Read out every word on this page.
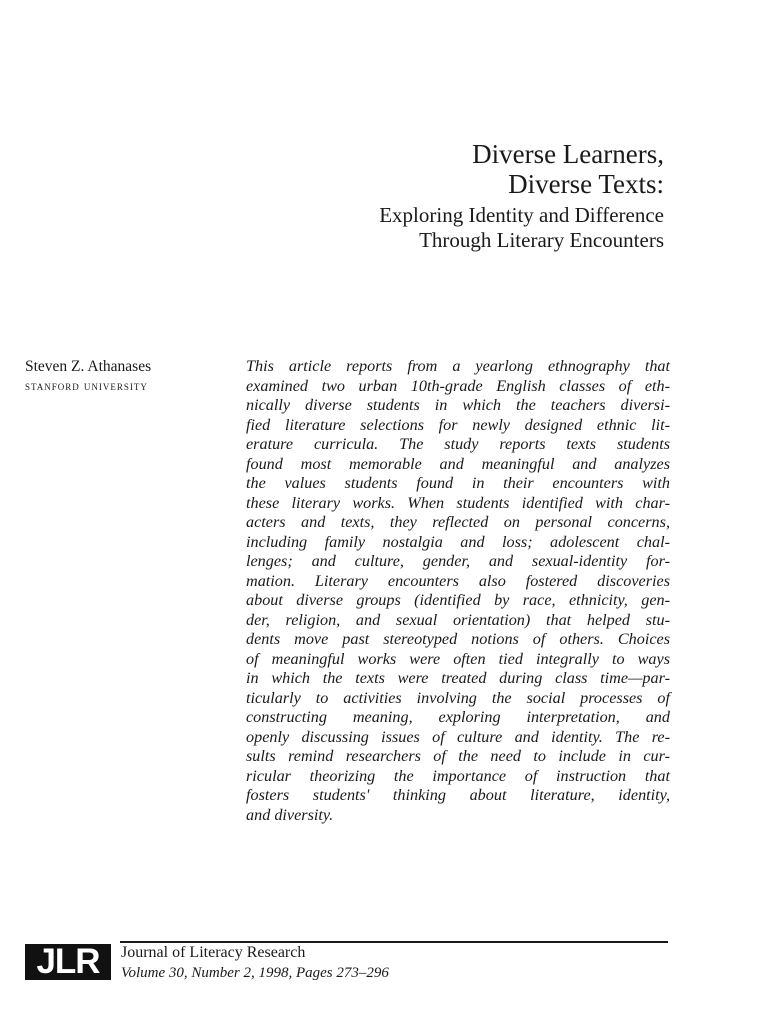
Diverse Learners,
Diverse Texts:
Exploring Identity and Difference
Through Literary Encounters
Steven Z. Athanases
stanford university
This article reports from a yearlong ethnography that
examined two urban 10th-grade English classes of eth-
nically diverse students in which the teachers diversi-
fied literature selections for newly designed ethnic lit-
erature curricula. The study reports texts students
found most memorable and meaningful and analyzes
the values students found in their encounters with
these literary works. When students identified with char-
acters and texts, they reflected on personal concerns,
including family nostalgia and loss; adolescent chal-
lenges; and culture, gender, and sexual-identity for-
mation. Literary encounters also fostered discoveries
about diverse groups (identified by race, ethnicity, gen-
der, religion, and sexual orientation) that helped stu-
dents move past stereotyped notions of others. Choices
of meaningful works were often tied integrally to ways
in which the texts were treated during class time—par-
ticularly to activities involving the social processes of
constructing meaning, exploring interpretation, and
openly discussing issues of culture and identity. The re-
sults remind researchers of the need to include in cur-
ricular theorizing the importance of instruction that
fosters students' thinking about literature, identity,
and diversity.
JLR	Journal of Literacy Research
Volume 30, Number 2, 1998, Pages 273–296
